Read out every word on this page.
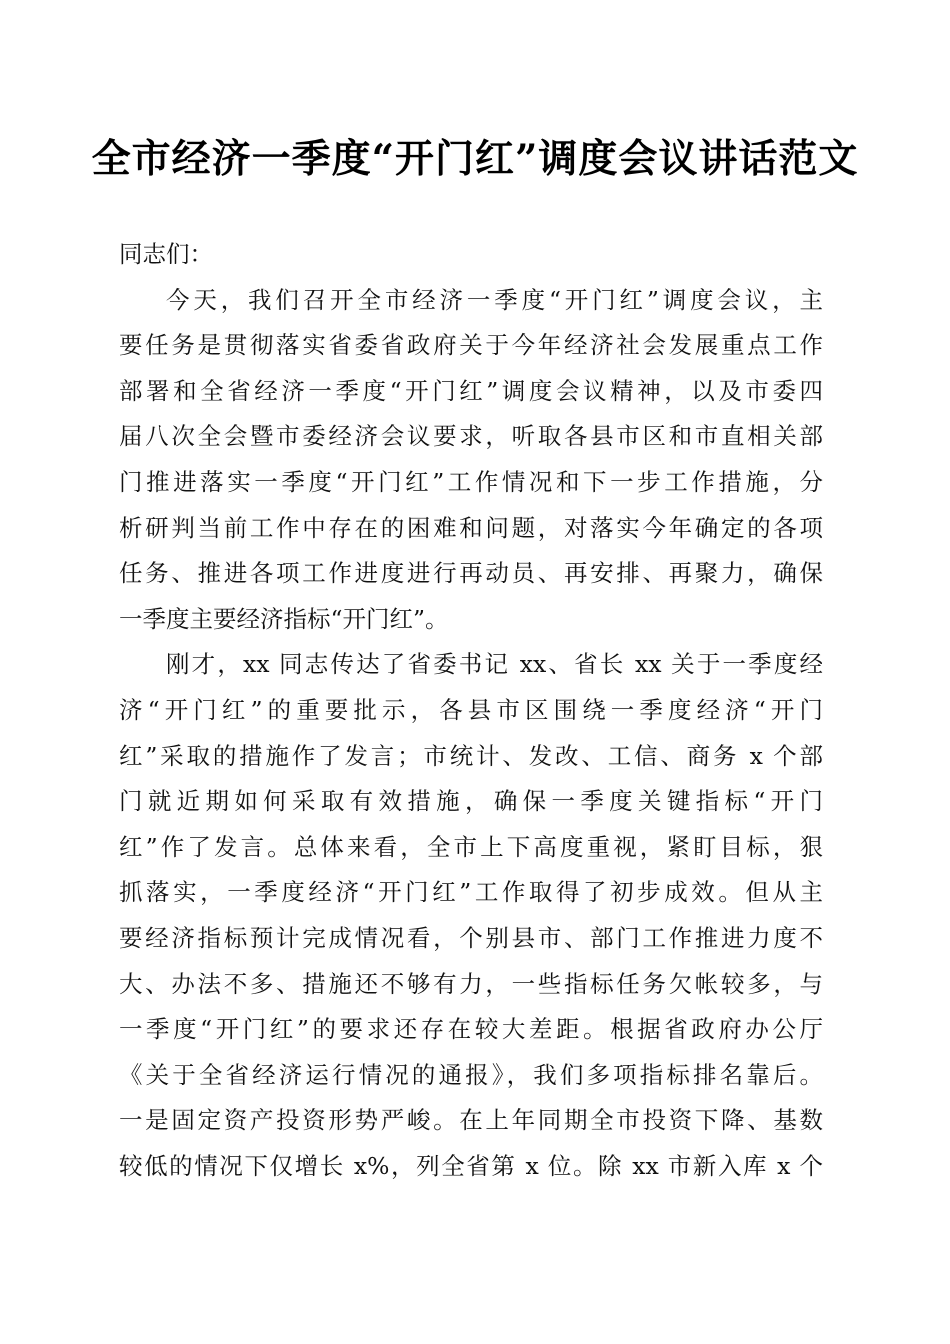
全市经济一季度“开门红”调度会议讲话范文
同志们：
今天，我们召开全市经济一季度“开门红”调度会议，主
要任务是贯彻落实省委省政府关于今年经济社会发展重点工作
部署和全省经济一季度“开门红”调度会议精神，以及市委四
届八次全会暨市委经济会议要求，听取各县市区和市直相关部
门推进落实一季度“开门红”工作情况和下一步工作措施，分
析研判当前工作中存在的困难和问题，对落实今年确定的各项
任务、推进各项工作进度进行再动员、再安排、再聚力，确保
一季度主要经济指标“开门红”。
刚才，xx 同志传达了省委书记 xx、省长 xx 关于一季度经
济“开门红”的重要批示，各县市区围绕一季度经济“开门
红”采取的措施作了发言；市统计、发改、工信、商务 x 个部
门就近期如何采取有效措施，确保一季度关键指标“开门
红”作了发言。总体来看，全市上下高度重视，紧盯目标，狠
抓落实，一季度经济“开门红”工作取得了初步成效。但从主
要经济指标预计完成情况看，个别县市、部门工作推进力度不
大、办法不多、措施还不够有力，一些指标任务欠帐较多，与
一季度“开门红”的要求还存在较大差距。根据省政府办公厅
《关于全省经济运行情况的通报》，我们多项指标排名靠后。
一是固定资产投资形势严峻。在上年同期全市投资下降、基数
较低的情况下仅增长 x%，列全省第 x 位。除 xx 市新入库 x 个
